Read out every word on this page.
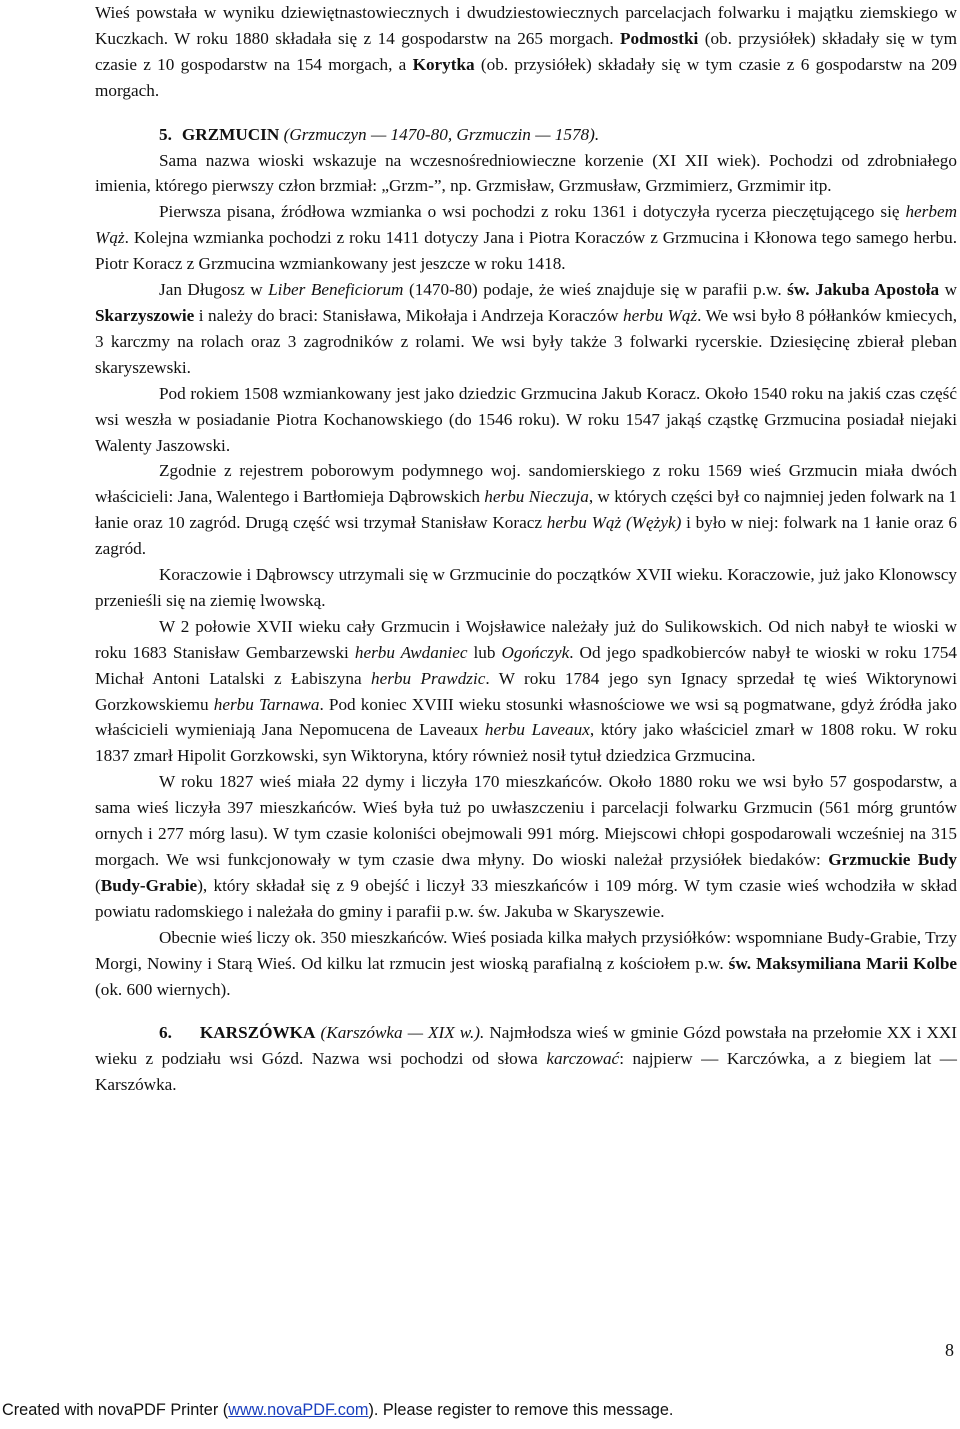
Wieś powstała w wyniku dziewiętnastowiecznych i dwudziestowiecznych parcelacjach folwarku i majątku ziemskiego w Kuczkach. W roku 1880 składała się z 14 gospodarstw na 265 morgach. Podmostki (ob. przysiółek) składały się w tym czasie z 10 gospodarstw na 154 morgach, a Korytka (ob. przysiółek) składały się w tym czasie z 6 gospodarstw na 209 morgach.

5. GRZMUCIN (Grzmuczyn — 1470-80, Grzmuczin — 1578).

Sama nazwa wioski wskazuje na wczesnośredniowieczne korzenie (XI XII wiek). Pochodzi od zdrobniałego imienia, którego pierwszy człon brzmiał: „Grzm-”, np. Grzmisław, Grzmusław, Grzmimierz, Grzmimir itp.

Pierwsza pisana, źródłowa wzmianka o wsi pochodzi z roku 1361 i dotyczyła rycerza pieczętującego się herbem Wąż. Kolejna wzmianka pochodzi z roku 1411 dotyczy Jana i Piotra Koraczów z Grzmucina i Kłonowa tego samego herbu. Piotr Koracz z Grzmucina wzmiankowany jest jeszcze w roku 1418.

Jan Długosz w Liber Beneficiorum (1470-80) podaje, że wieś znajduje się w parafii p.w. św. Jakuba Apostoła w Skarzyszowie i należy do braci: Stanisława, Mikołaja i Andrzeja Koraczów herbu Wąż. We wsi było 8 półłanków kmiecych, 3 karczmy na rolach oraz 3 zagrodników z rolami. We wsi były także 3 folwarki rycerskie. Dziesięcinę zbierał pleban skaryszewski.

Pod rokiem 1508 wzmiankowany jest jako dziedzic Grzmucina Jakub Koracz. Około 1540 roku na jakiś czas część wsi weszła w posiadanie Piotra Kochanowskiego (do 1546 roku). W roku 1547 jakąś cząstkę Grzmucina posiadał niejaki Walenty Jaszowski.

Zgodnie z rejestrem poborowym podymnego woj. sandomierskiego z roku 1569 wieś Grzmucin miała dwóch właścicieli: Jana, Walentego i Bartłomieja Dąbrowskich herbu Nieczuja, w których części był co najmniej jeden folwark na 1 łanie oraz 10 zagród. Drugą część wsi trzymał Stanisław Koracz herbu Wąż (Wężyk) i było w niej: folwark na 1 łanie oraz 6 zagród.

Koraczowie i Dąbrowscy utrzymali się w Grzmucinie do początków XVII wieku. Koraczowie, już jako Klonowscy przenieśli się na ziemię lwowską.

W 2 połowie XVII wieku cały Grzmucin i Wojsławice należały już do Sulikowskich. Od nich nabył te wioski w roku 1683 Stanisław Gembarzewski herbu Awdaniec lub Ogończyk. Od jego spadkobierców nabył te wioski w roku 1754 Michał Antoni Latalski z Łabiszyna herbu Prawdzic. W roku 1784 jego syn Ignacy sprzedał tę wieś Wiktorynowi Gorzkowskiemu herbu Tarnawa. Pod koniec XVIII wieku stosunki własnościowe we wsi są pogmatwane, gdyż źródła jako właścicieli wymieniają Jana Nepomucena de Laveaux herbu Laveaux, który jako właściciel zmarł w 1808 roku. W roku 1837 zmarł Hipolit Gorzkowski, syn Wiktoryna, który również nosił tytuł dziedzica Grzmucina.

W roku 1827 wieś miała 22 dymy i liczyła 170 mieszkańców. Około 1880 roku we wsi było 57 gospodarstw, a sama wieś liczyła 397 mieszkańców. Wieś była tuż po uwłaszczeniu i parcelacji folwarku Grzmucin (561 mórg gruntów ornych i 277 mórg lasu). W tym czasie koloniści obejmowali 991 mórg. Miejscowi chłopi gospodarowali wcześniej na 315 morgach. We wsi funkcjonowały w tym czasie dwa młyny. Do wioski należał przysiółek biedaków: Grzmuckie Budy (Budy-Grabie), który składał się z 9 obejść i liczył 33 mieszkańców i 109 mórg. W tym czasie wieś wchodziła w skład powiatu radomskiego i należała do gminy i parafii p.w. św. Jakuba w Skaryszewie.

Obecnie wieś liczy ok. 350 mieszkańców. Wieś posiada kilka małych przysiółków: wspomniane Budy-Grabie, Trzy Morgi, Nowiny i Starą Wieś. Od kilku lat rzmucin jest wioską parafialną z kościołem p.w. św. Maksymiliana Marii Kolbe (ok. 600 wiernych).

6. KARSZÓWKA (Karszówka — XIX w.). Najmłodsza wieś w gminie Gózd powstała na przełomie XX i XXI wieku z podziału wsi Gózd. Nazwa wsi pochodzi od słowa karczować: najpierw — Karczówka, a z biegiem lat — Karszówka.

8
Created with novaPDF Printer (www.novaPDF.com). Please register to remove this message.
